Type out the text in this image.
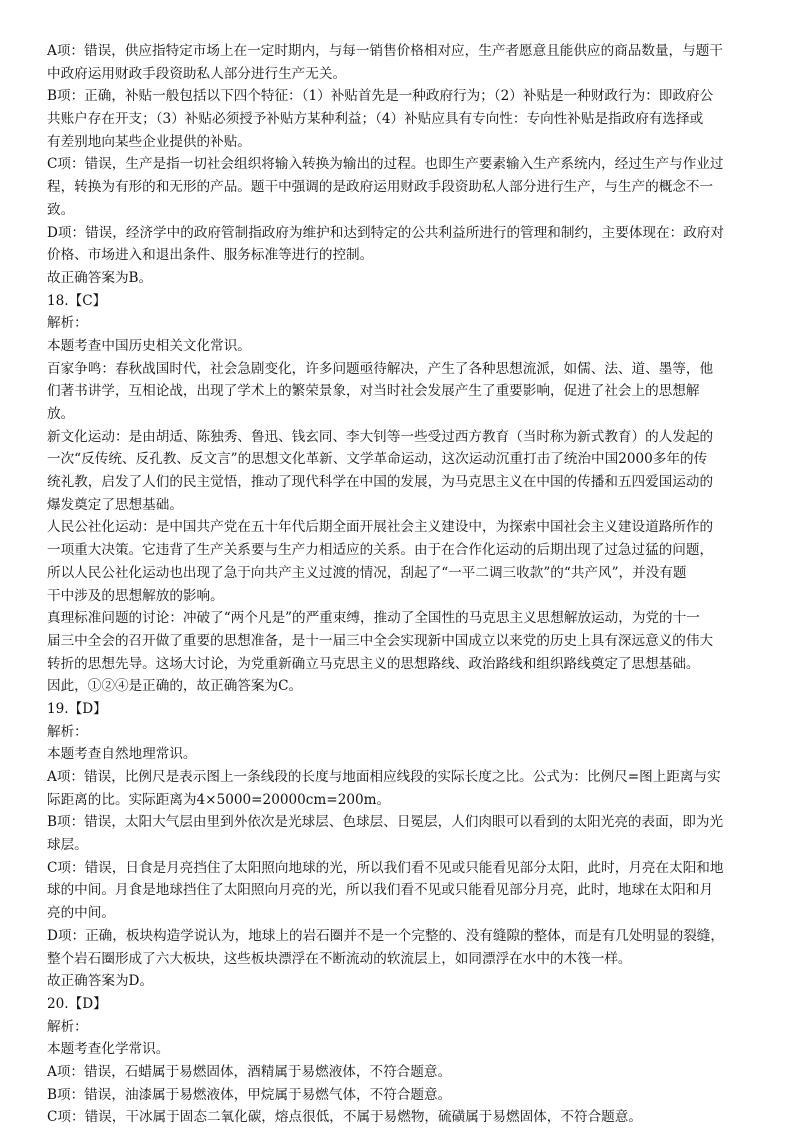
A项：错误，供应指特定市场上在一定时期内，与每一销售价格相对应，生产者愿意且能供应的商品数量，与题干
中政府运用财政手段资助私人部分进行生产无关。
B项：正确，补贴一般包括以下四个特征：（1）补贴首先是一种政府行为；（2）补贴是一种财政行为：即政府公
共账户存在开支；（3）补贴必须授予补贴方某种利益；（4）补贴应具有专向性：专向性补贴是指政府有选择或
有差别地向某些企业提供的补贴。
C项：错误，生产是指一切社会组织将输入转换为输出的过程。也即生产要素输入生产系统内，经过生产与作业过
程，转换为有形的和无形的产品。题干中强调的是政府运用财政手段资助私人部分进行生产，与生产的概念不一
致。
D项：错误，经济学中的政府管制指政府为维护和达到特定的公共利益所进行的管理和制约，主要体现在：政府对
价格、市场进入和退出条件、服务标准等进行的控制。
故正确答案为B。
18.【C】
解析：
本题考查中国历史相关文化常识。
百家争鸣：春秋战国时代，社会急剧变化，许多问题亟待解决，产生了各种思想流派，如儒、法、道、墨等，他
们著书讲学，互相论战，出现了学术上的繁荣景象，对当时社会发展产生了重要影响，促进了社会上的思想解
放。
新文化运动：是由胡适、陈独秀、鲁迅、钱玄同、李大钊等一些受过西方教育（当时称为新式教育）的人发起的
一次“反传统、反孔教、反文言”的思想文化革新、文学革命运动，这次运动沉重打击了统治中国2000多年的传
统礼教，启发了人们的民主觉悟，推动了现代科学在中国的发展，为马克思主义在中国的传播和五四爱国运动的
爆发奠定了思想基础。
人民公社化运动：是中国共产党在五十年代后期全面开展社会主义建设中，为探索中国社会主义建设道路所作的
一项重大决策。它违背了生产关系要与生产力相适应的关系。由于在合作化运动的后期出现了过急过猛的问题，
所以人民公社化运动也出现了急于向共产主义过渡的情况，刮起了“一平二调三收款”的“共产风”，并没有题
干中涉及的思想解放的影响。
真理标准问题的讨论：冲破了“两个凡是”的严重束缚，推动了全国性的马克思主义思想解放运动，为党的十一
届三中全会的召开做了重要的思想准备，是十一届三中全会实现新中国成立以来党的历史上具有深远意义的伟大
转折的思想先导。这场大讨论，为党重新确立马克思主义的思想路线、政治路线和组织路线奠定了思想基础。
因此，①②④是正确的，故正确答案为C。
19.【D】
解析：
本题考查自然地理常识。
A项：错误，比例尺是表示图上一条线段的长度与地面相应线段的实际长度之比。公式为：比例尺=图上距离与实
际距离的比。实际距离为4×5000=20000cm=200m。
B项：错误，太阳大气层由里到外依次是光球层、色球层、日冕层，人们肉眼可以看到的太阳光亮的表面，即为光
球层。
C项：错误，日食是月亮挡住了太阳照向地球的光，所以我们看不见或只能看见部分太阳，此时，月亮在太阳和地
球的中间。月食是地球挡住了太阳照向月亮的光，所以我们看不见或只能看见部分月亮，此时，地球在太阳和月
亮的中间。
D项：正确，板块构造学说认为，地球上的岩石圈并不是一个完整的、没有缝隙的整体，而是有几处明显的裂缝，
整个岩石圈形成了六大板块，这些板块漂浮在不断流动的软流层上，如同漂浮在水中的木筏一样。
故正确答案为D。
20.【D】
解析：
本题考查化学常识。
A项：错误，石蜡属于易燃固体，酒精属于易燃液体，不符合题意。
B项：错误，油漆属于易燃液体，甲烷属于易燃气体，不符合题意。
C项：错误，干冰属于固态二氧化碳，熔点很低，不属于易燃物，硫磺属于易燃固体，不符合题意。
